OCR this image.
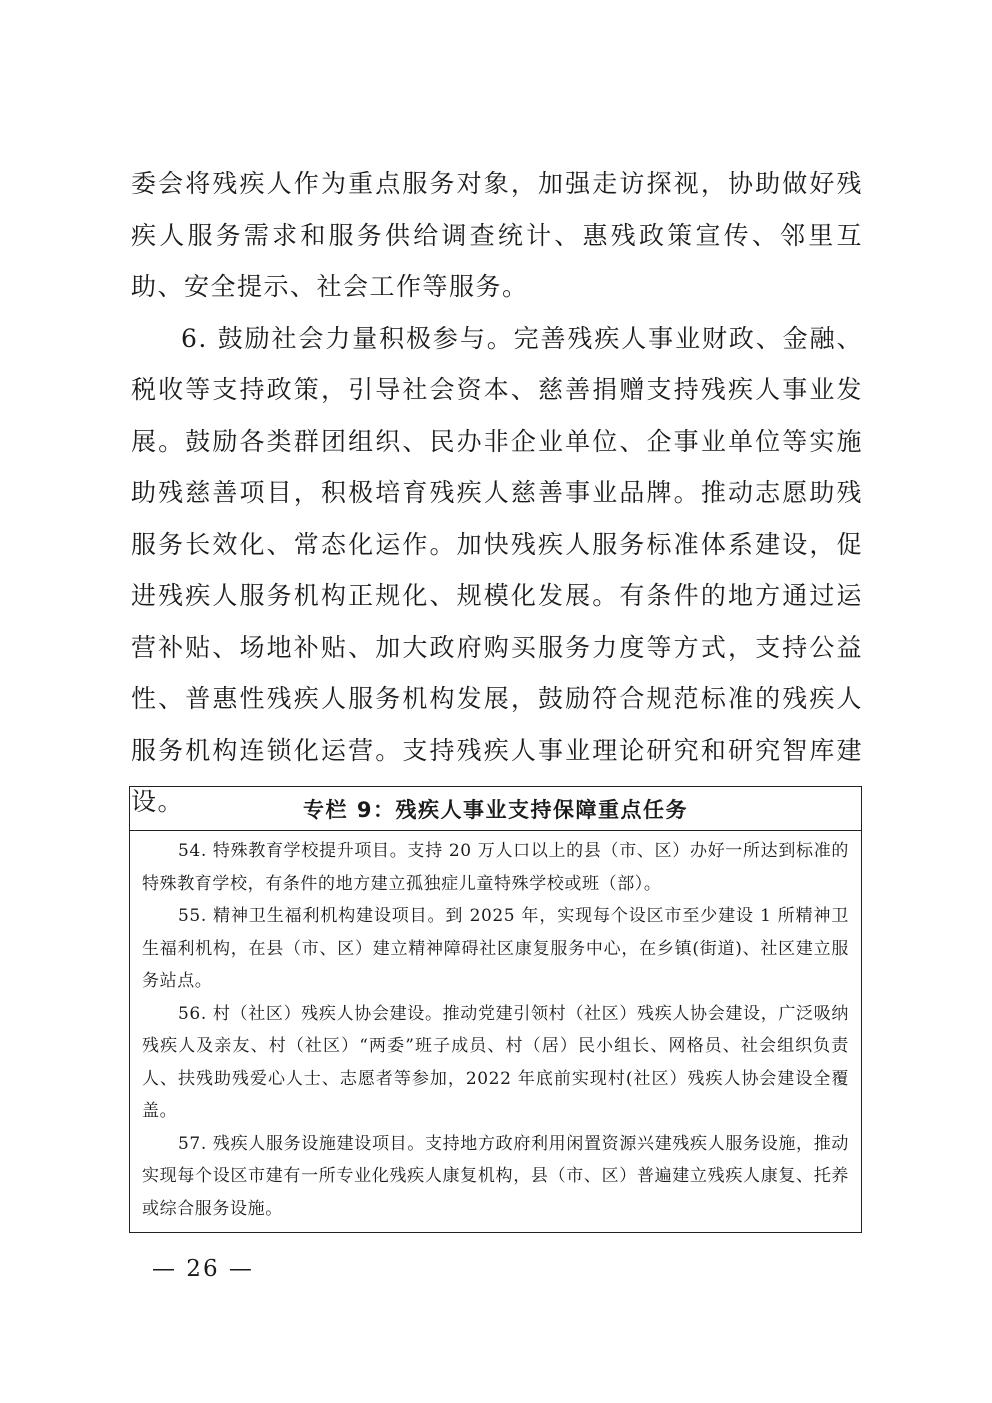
委会将残疾人作为重点服务对象，加强走访探视，协助做好残疾人服务需求和服务供给调查统计、惠残政策宣传、邻里互助、安全提示、社会工作等服务。

6. 鼓励社会力量积极参与。完善残疾人事业财政、金融、税收等支持政策，引导社会资本、慈善捐赠支持残疾人事业发展。鼓励各类群团组织、民办非企业单位、企事业单位等实施助残慈善项目，积极培育残疾人慈善事业品牌。推动志愿助残服务长效化、常态化运作。加快残疾人服务标准体系建设，促进残疾人服务机构正规化、规模化发展。有条件的地方通过运营补贴、场地补贴、加大政府购买服务力度等方式，支持公益性、普惠性残疾人服务机构发展，鼓励符合规范标准的残疾人服务机构连锁化运营。支持残疾人事业理论研究和研究智库建设。	专栏 9：残疾人事业支持保障重点任务

54. 特殊教育学校提升项目。支持 20 万人口以上的县（市、区）办好一所达到标准的特殊教育学校，有条件的地方建立孤独症儿童特殊学校或班（部）。

55. 精神卫生福利机构建设项目。到 2025 年，实现每个设区市至少建设 1 所精神卫生福利机构，在县（市、区）建立精神障碍社区康复服务中心，在乡镇(街道)、社区建立服务站点。

56. 村（社区）残疾人协会建设。推动党建引领村（社区）残疾人协会建设，广泛吸纳残疾人及亲友、村（社区）“两委”班子成员、村（居）民小组长、网格员、社会组织负责人、扶残助残爱心人士、志愿者等参加，2022 年底前实现村(社区）残疾人协会建设全覆盖。

57. 残疾人服务设施建设项目。支持地方政府利用闲置资源兴建残疾人服务设施，推动实现每个设区市建有一所专业化残疾人康复机构，县（市、区）普遍建立残疾人康复、托养或综合服务设施。

— 26 —
